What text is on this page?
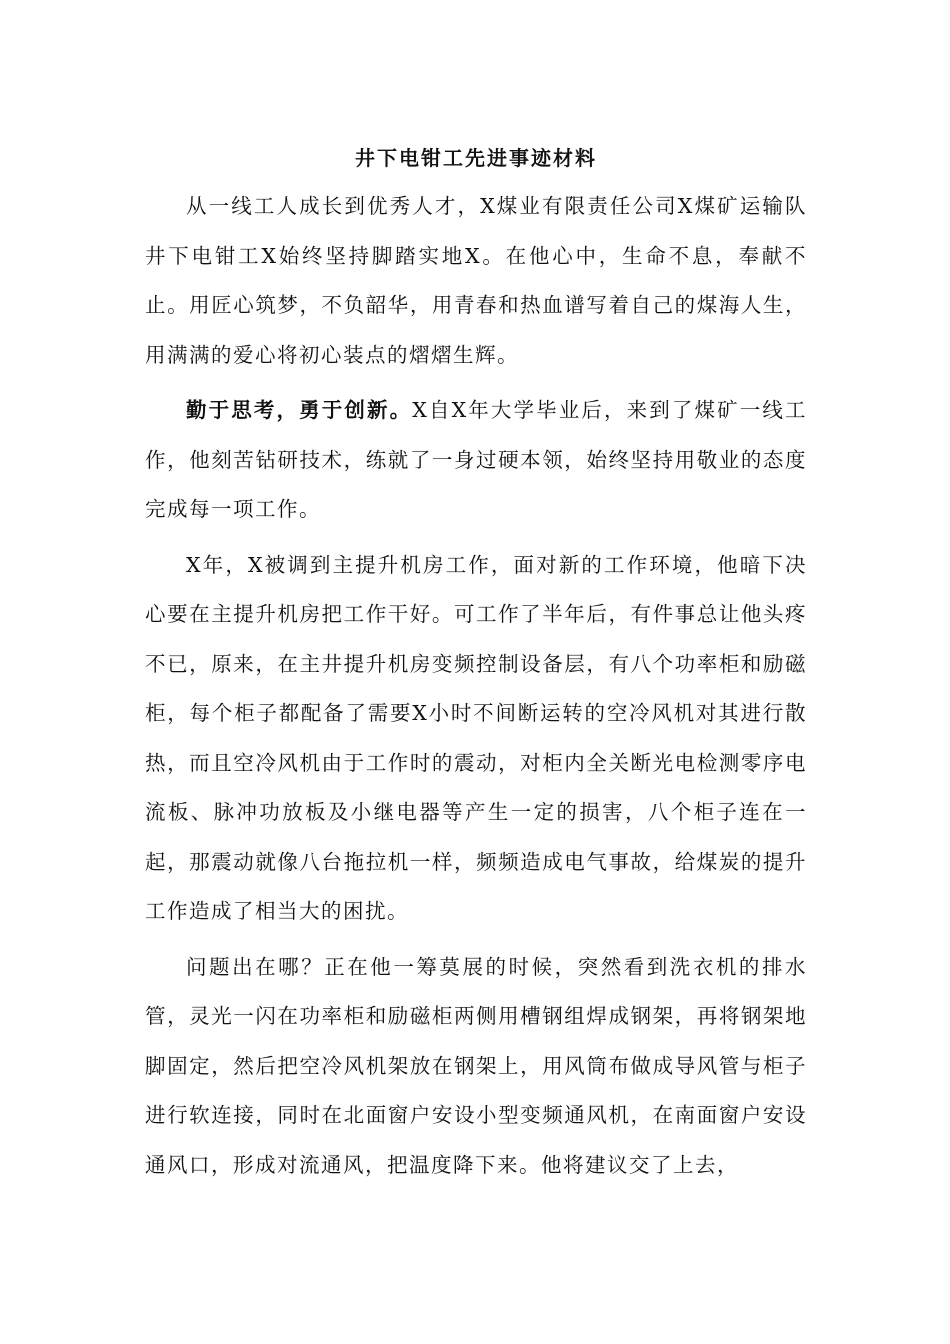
井下电钳工先进事迹材料

从一线工人成长到优秀人才，X煤业有限责任公司X煤矿运输队井下电钳工X始终坚持脚踏实地X。在他心中，生命不息，奉献不止。用匠心筑梦，不负韶华，用青春和热血谱写着自己的煤海人生，用满满的爱心将初心装点的熠熠生辉。

勤于思考，勇于创新。X自X年大学毕业后，来到了煤矿一线工作，他刻苦钻研技术，练就了一身过硬本领，始终坚持用敬业的态度完成每一项工作。

X年，X被调到主提升机房工作，面对新的工作环境，他暗下决心要在主提升机房把工作干好。可工作了半年后，有件事总让他头疼不已，原来，在主井提升机房变频控制设备层，有八个功率柜和励磁柜，每个柜子都配备了需要X小时不间断运转的空冷风机对其进行散热，而且空冷风机由于工作时的震动，对柜内全关断光电检测零序电流板、脉冲功放板及小继电器等产生一定的损害，八个柜子连在一起，那震动就像八台拖拉机一样，频频造成电气事故，给煤炭的提升工作造成了相当大的困扰。

问题出在哪？正在他一筹莫展的时候，突然看到洗衣机的排水管，灵光一闪在功率柜和励磁柜两侧用槽钢组焊成钢架，再将钢架地脚固定，然后把空冷风机架放在钢架上，用风筒布做成导风管与柜子进行软连接，同时在北面窗户安设小型变频通风机，在南面窗户安设通风口，形成对流通风，把温度降下来。他将建议交了上去，
